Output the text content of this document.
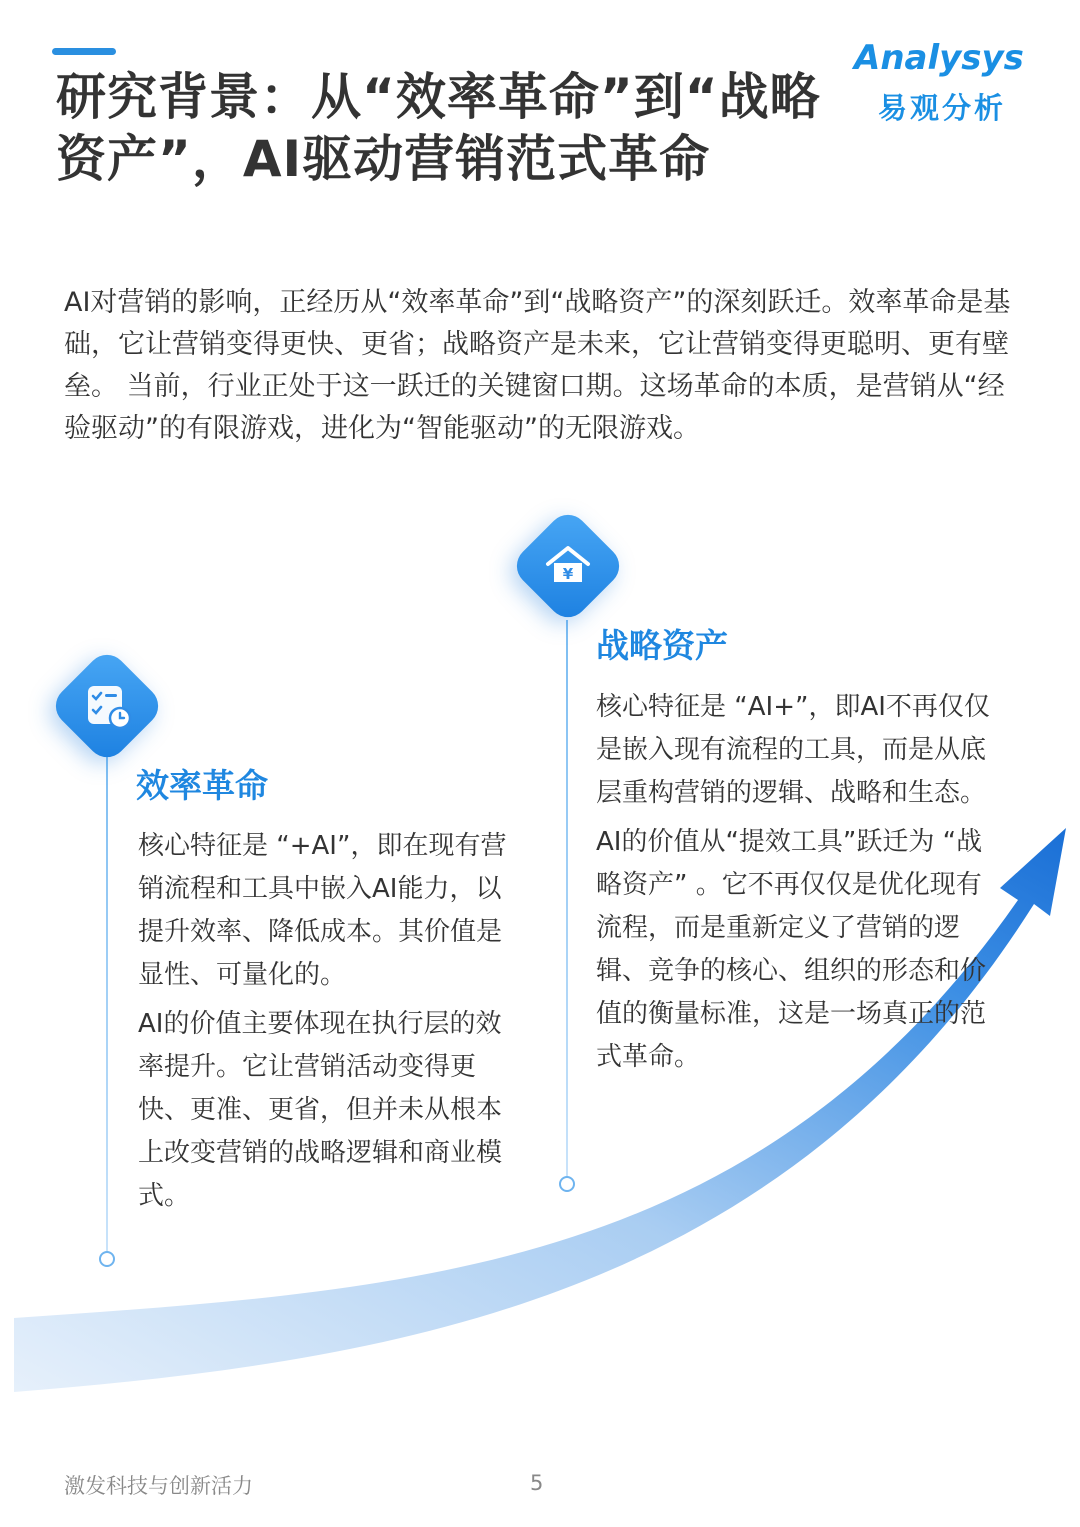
研究背景：从“效率革命”到“战略资产”，AI驱动营销范式革命
Analysys
易观分析

AI对营销的影响，正经历从“效率革命”到“战略资产”的深刻跃迁。效率革命是基础，它让营销变得更快、更省；战略资产是未来，它让营销变得更聪明、更有壁垒。 当前，行业正处于这一跃迁的关键窗口期。这场革命的本质，是营销从“经验驱动”的有限游戏，进化为“智能驱动”的无限游戏。

效率革命

核心特征是 “+AI”，即在现有营销流程和工具中嵌入AI能力，以提升效率、降低成本。其价值是显性、可量化的。

AI的价值主要体现在执行层的效率提升。它让营销活动变得更快、更准、更省，但并未从根本上改变营销的战略逻辑和商业模式。

¥
战略资产

核心特征是 “AI+”，即AI不再仅仅是嵌入现有流程的工具，而是从底层重构营销的逻辑、战略和生态。

AI的价值从“提效工具”跃迁为 “战略资产” 。它不再仅仅是优化现有流程，而是重新定义了营销的逻辑、竞争的核心、组织的形态和价值的衡量标准，这是一场真正的范式革命。

激发科技与创新活力	5
